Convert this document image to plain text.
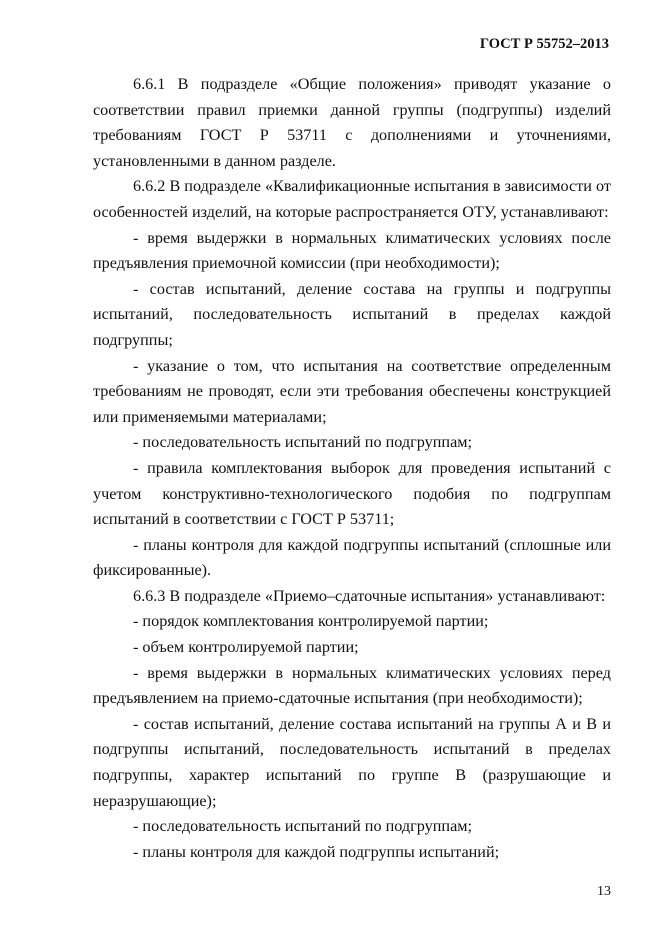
ГОСТ Р 55752–2013

6.6.1 В подразделе «Общие положения» приводят указание о соответствии правил приемки данной группы (подгруппы) изделий требованиям ГОСТ Р 53711 с дополнениями и уточнениями, установленными в данном разделе.

6.6.2 В подразделе «Квалификационные испытания в зависимости от особенностей изделий, на которые распространяется ОТУ, устанавливают:

- время выдержки в нормальных климатических условиях после предъявления приемочной комиссии (при необходимости);

- состав испытаний, деление состава на группы и подгруппы испытаний, последовательность испытаний в пределах каждой подгруппы;

- указание о том, что испытания на соответствие определенным требованиям не проводят, если эти требования обеспечены конструкцией или применяемыми материалами;

- последовательность испытаний по подгруппам;

- правила комплектования выборок для проведения испытаний с учетом конструктивно-технологического подобия по подгруппам испытаний в соответствии с ГОСТ Р 53711;

- планы контроля для каждой подгруппы испытаний (сплошные или фиксированные).

6.6.3 В подразделе «Приемо–сдаточные испытания» устанавливают:

- порядок комплектования контролируемой партии;

- объем контролируемой партии;

- время выдержки в нормальных климатических условиях перед предъявлением на приемо-сдаточные испытания (при необходимости);

- состав испытаний, деление состава испытаний на группы А и В и подгруппы испытаний, последовательность испытаний в пределах подгруппы, характер испытаний по группе В (разрушающие и неразрушающие);

- последовательность испытаний по подгруппам;

- планы контроля для каждой подгруппы испытаний;

13
